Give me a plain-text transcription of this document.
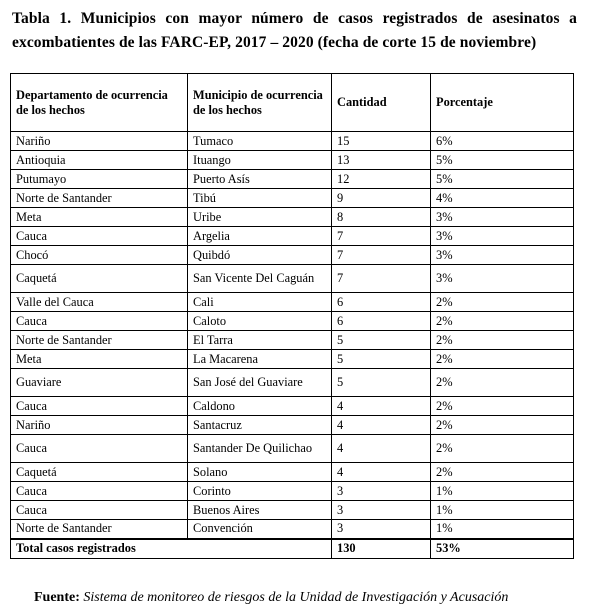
Tabla 1. Municipios con mayor número de casos registrados de asesinatos a excombatientes de las FARC-EP, 2017 – 2020 (fecha de corte 15 de noviembre)
Departamento de ocurrencia de los hechos	Municipio de ocurrencia de los hechos	Cantidad	Porcentaje
Nariño	Tumaco	15	6%
Antioquia	Ituango	13	5%
Putumayo	Puerto Asís	12	5%
Norte de Santander	Tibú	9	4%
Meta	Uribe	8	3%
Cauca	Argelia	7	3%
Chocó	Quibdó	7	3%
Caquetá	San Vicente Del Caguán	7	3%
Valle del Cauca	Cali	6	2%
Cauca	Caloto	6	2%
Norte de Santander	El Tarra	5	2%
Meta	La Macarena	5	2%
Guaviare	San José del Guaviare	5	2%
Cauca	Caldono	4	2%
Nariño	Santacruz	4	2%
Cauca	Santander De Quilichao	4	2%
Caquetá	Solano	4	2%
Cauca	Corinto	3	1%
Cauca	Buenos Aires	3	1%
Norte de Santander	Convención	3	1%
Total casos registrados		130	53%
Fuente: Sistema de monitoreo de riesgos de la Unidad de Investigación y Acusación
